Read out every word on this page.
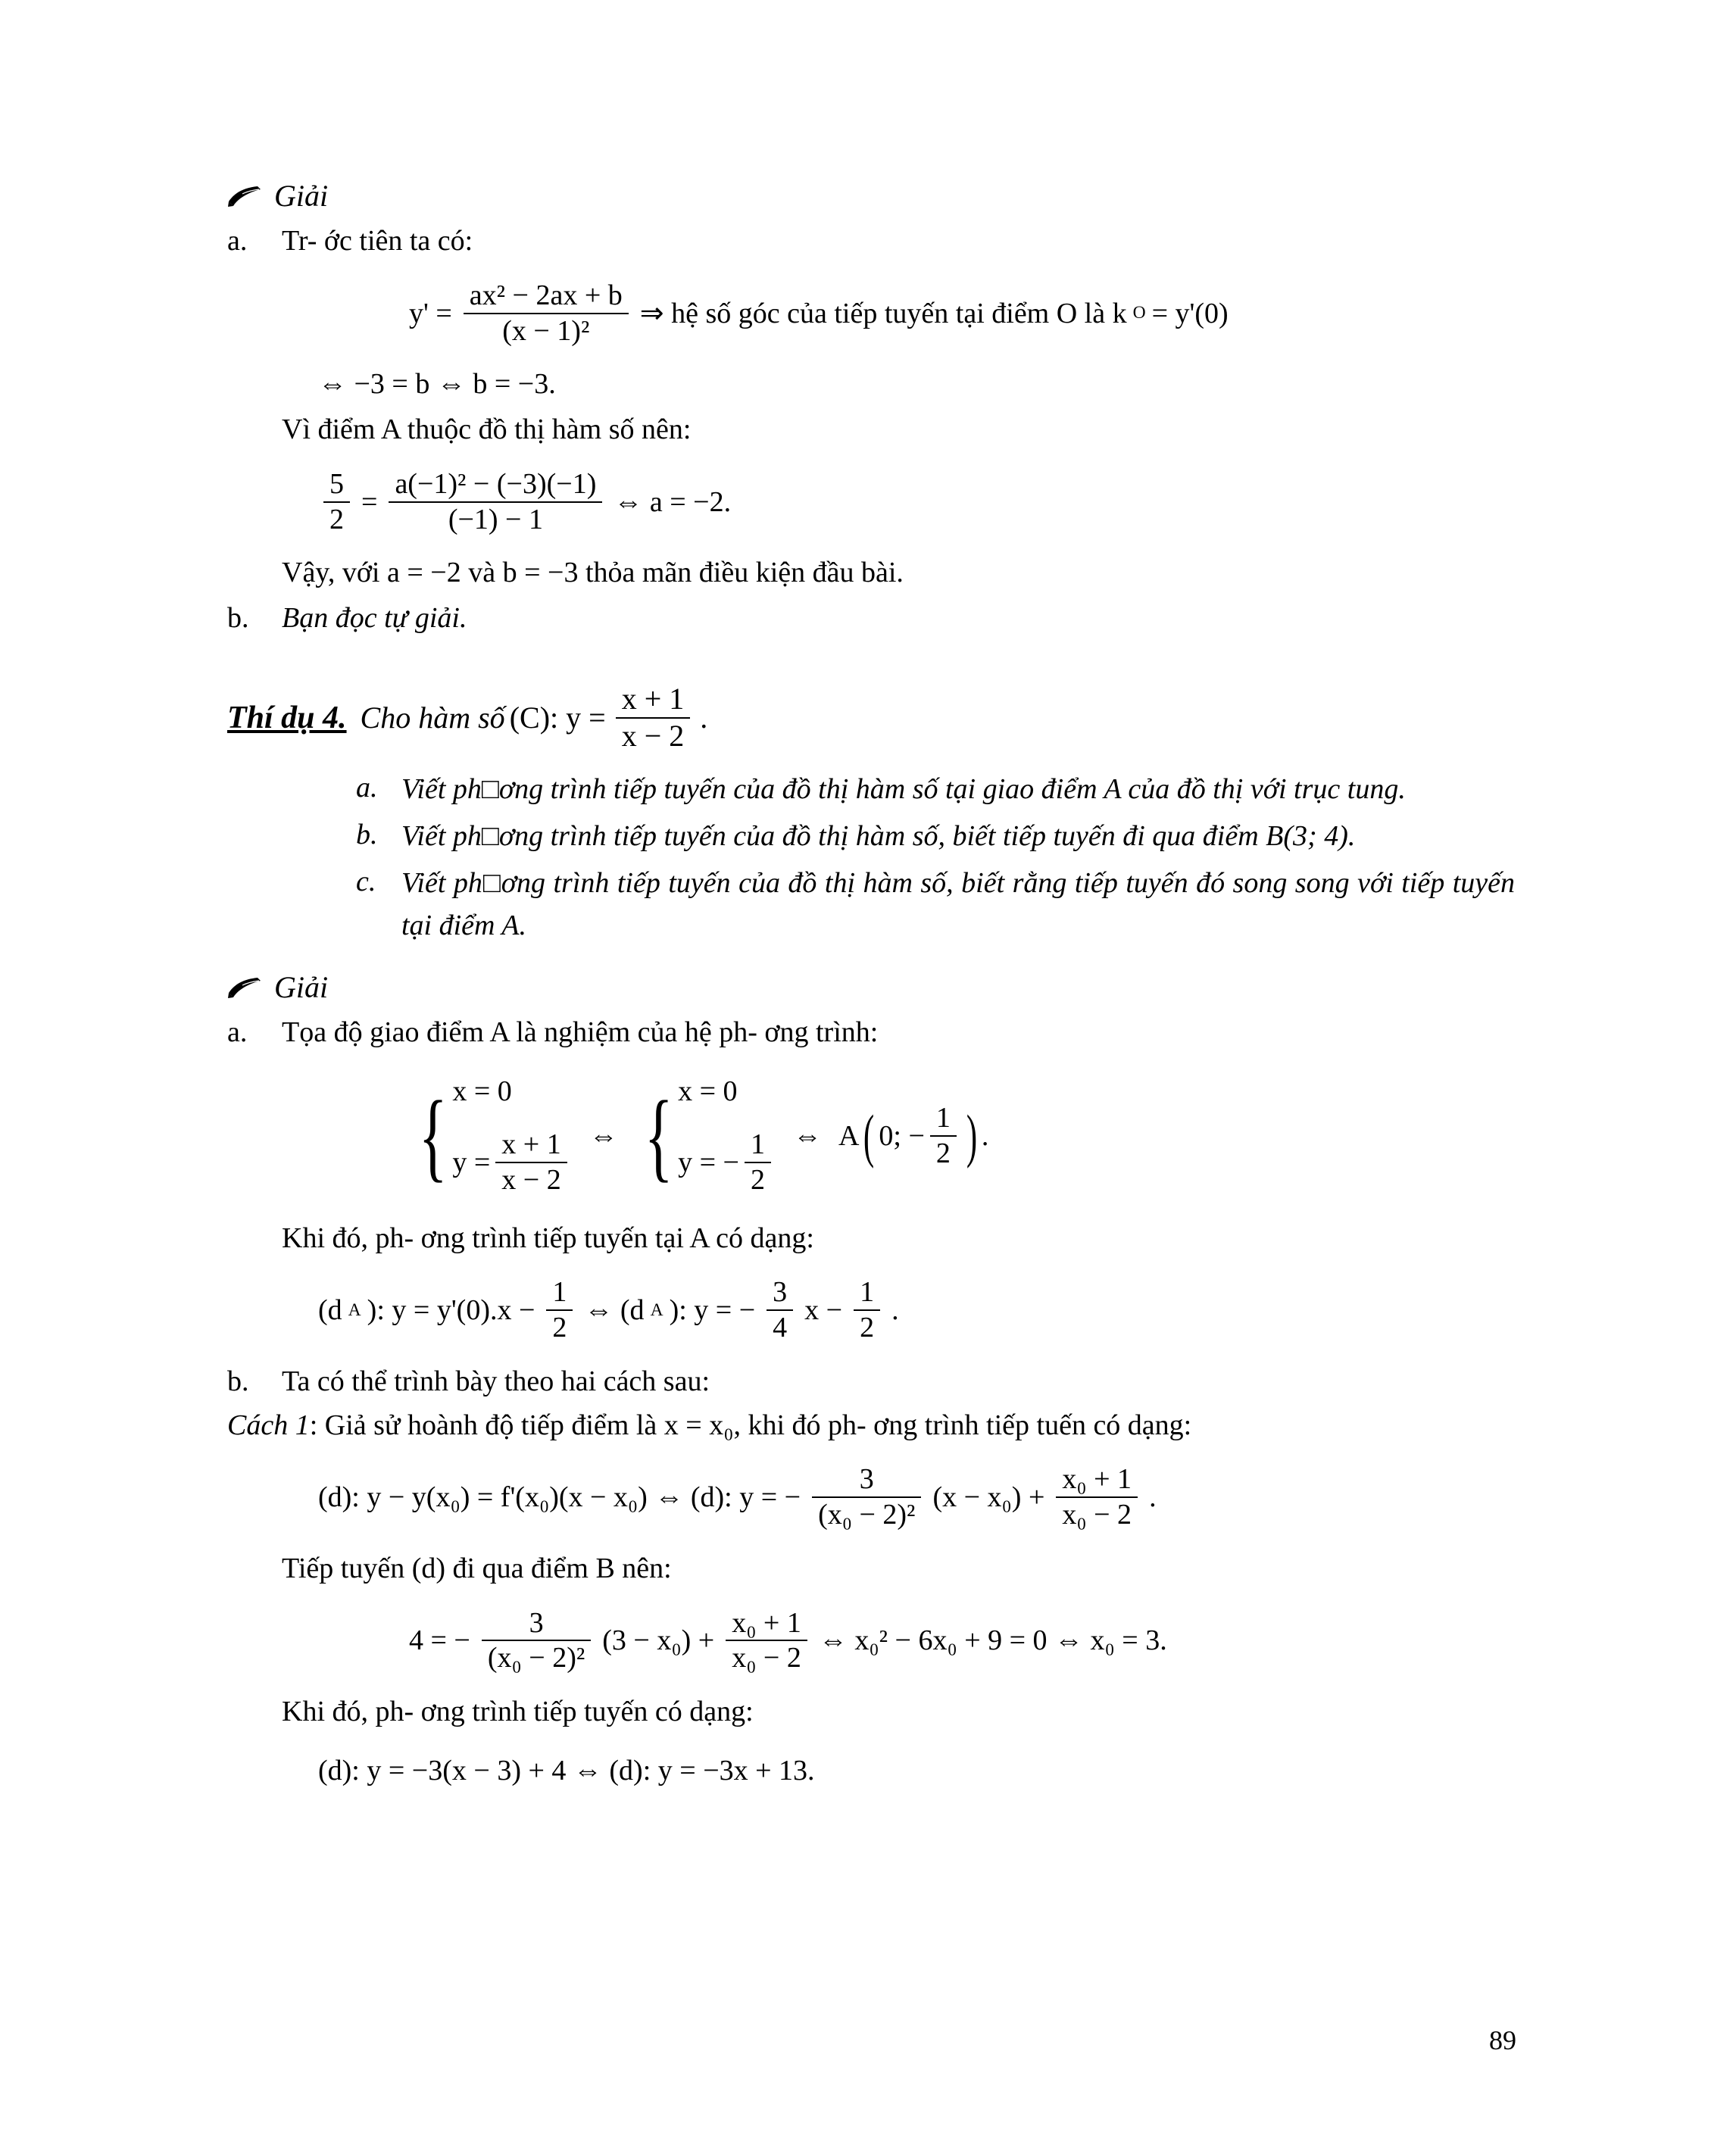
Giải
a.	Tr- ớc tiên ta có:
$y' = \frac{\text{ax² − 2ax + b}}{\text{(x − 1)²}}$ ⇒ hệ số góc của tiếp tuyến tại điểm O là k O = y'(0)
⇔ −3 = b ⇔ b = −3.
Vì điểm A thuộc đồ thị hàm số nên:
$\frac{5}{2} = \frac{\text{a(−1)² − (−3)(−1)}}{(-1) - 1}$ ⇔ a = −2.
Vậy, với a = −2 và b = −3 thỏa mãn điều kiện đầu bài.
b.	Bạn đọc tự giải.
Thí dụ 4. Cho hàm số (C): $y = \frac{x + 1}{x - 2}$ .
a. Viết ph□ơng trình tiếp tuyến của đồ thị hàm số tại giao điểm A của đồ thị với trục tung.
b. Viết ph□ơng trình tiếp tuyến của đồ thị hàm số, biết tiếp tuyến đi qua điểm B(3; 4).
c. Viết ph□ơng trình tiếp tuyến của đồ thị hàm số, biết rằng tiếp tuyến đó song song với tiếp tuyến tại điểm A.
Giải
a.	Tọa độ giao điểm A là nghiệm của hệ ph- ơng trình:
{ x = 0
$y = \frac{x + 1}{x - 2}$ ⇔ { x = 0
y = − $\frac{1}{2}$ ⇔ A ( 0; − $\frac{1}{2}$ ) .
Khi đó, ph- ơng trình tiếp tuyến tại A có dạng:
(d A ): $y = y'(0).x - \frac{1}{2}$ ⇔ (d A ): y = − $\frac{3}{4}$ $x - \frac{1}{2}$ .
b.	Ta có thể trình bày theo hai cách sau:
Cách 1: Giả sử hoành độ tiếp điểm là x = x₀, khi đó ph- ơng trình tiếp tuến có dạng:
(d): y − y(x₀) = f'(x₀)(x − x₀) ⇔ (d): y = − $\frac{3}{\text{(x₀ − 2)²}} (x - x_0) + \frac{\text{x₀ + 1}}{\text{x₀ − 2}}$ .
Tiếp tuyến (d) đi qua điểm B nên:
4 = − $\frac{3}{\text{(x₀ − 2)²}} (3 - x_0) + \frac{\text{x₀ + 1}}{\text{x₀ − 2}}$ ⇔ x₀² − 6x₀ + 9 = 0 ⇔ x₀ = 3.
Khi đó, ph- ơng trình tiếp tuyến có dạng:
(d): y = −3(x − 3) + 4 ⇔ (d): y = −3x + 13.
89
